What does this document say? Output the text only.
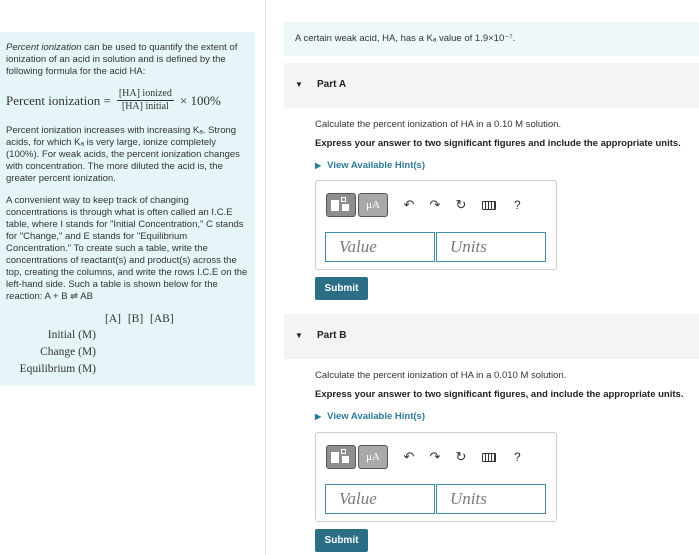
Percent ionization can be used to quantify the extent of ionization of an acid in solution and is defined by the following formula for the acid HA:

Percent ionization = $\frac{\text{[HA] ionized}}{\text{[HA] initial}} \times 100\%$

Percent ionization increases with increasing Kₐ. Strong acids, for which Kₐ is very large, ionize completely (100%). For weak acids, the percent ionization changes with concentration. The more diluted the acid is, the greater percent ionization.

A convenient way to keep track of changing concentrations is through what is often called an I.C.E table, where I stands for "Initial Concentration," C stands for "Change," and E stands for "Equilibrium Concentration." To create such a table, write the concentrations of reactant(s) and product(s) across the top, creating the columns, and write the rows I.C.E on the left-hand side. Such a table is shown below for the reaction: A + B ⇌ AB

[A] [B] [AB]
Initial (M)
Change (M)
Equilibrium (M)
A certain weak acid, HA, has a Kₐ value of 1.9×10⁻⁷.
▼ Part A
Calculate the percent ionization of HA in a 0.10 M solution.
Express your answer to two significant figures and include the appropriate units.
▶ View Available Hint(s)
μA	↶ ↷ ↻	?
Value	Units
Submit
▼ Part B
Calculate the percent ionization of HA in a 0.010 M solution.
Express your answer to two significant figures, and include the appropriate units.
▶ View Available Hint(s)
μA	↶ ↷ ↻	?
Value	Units
Submit
